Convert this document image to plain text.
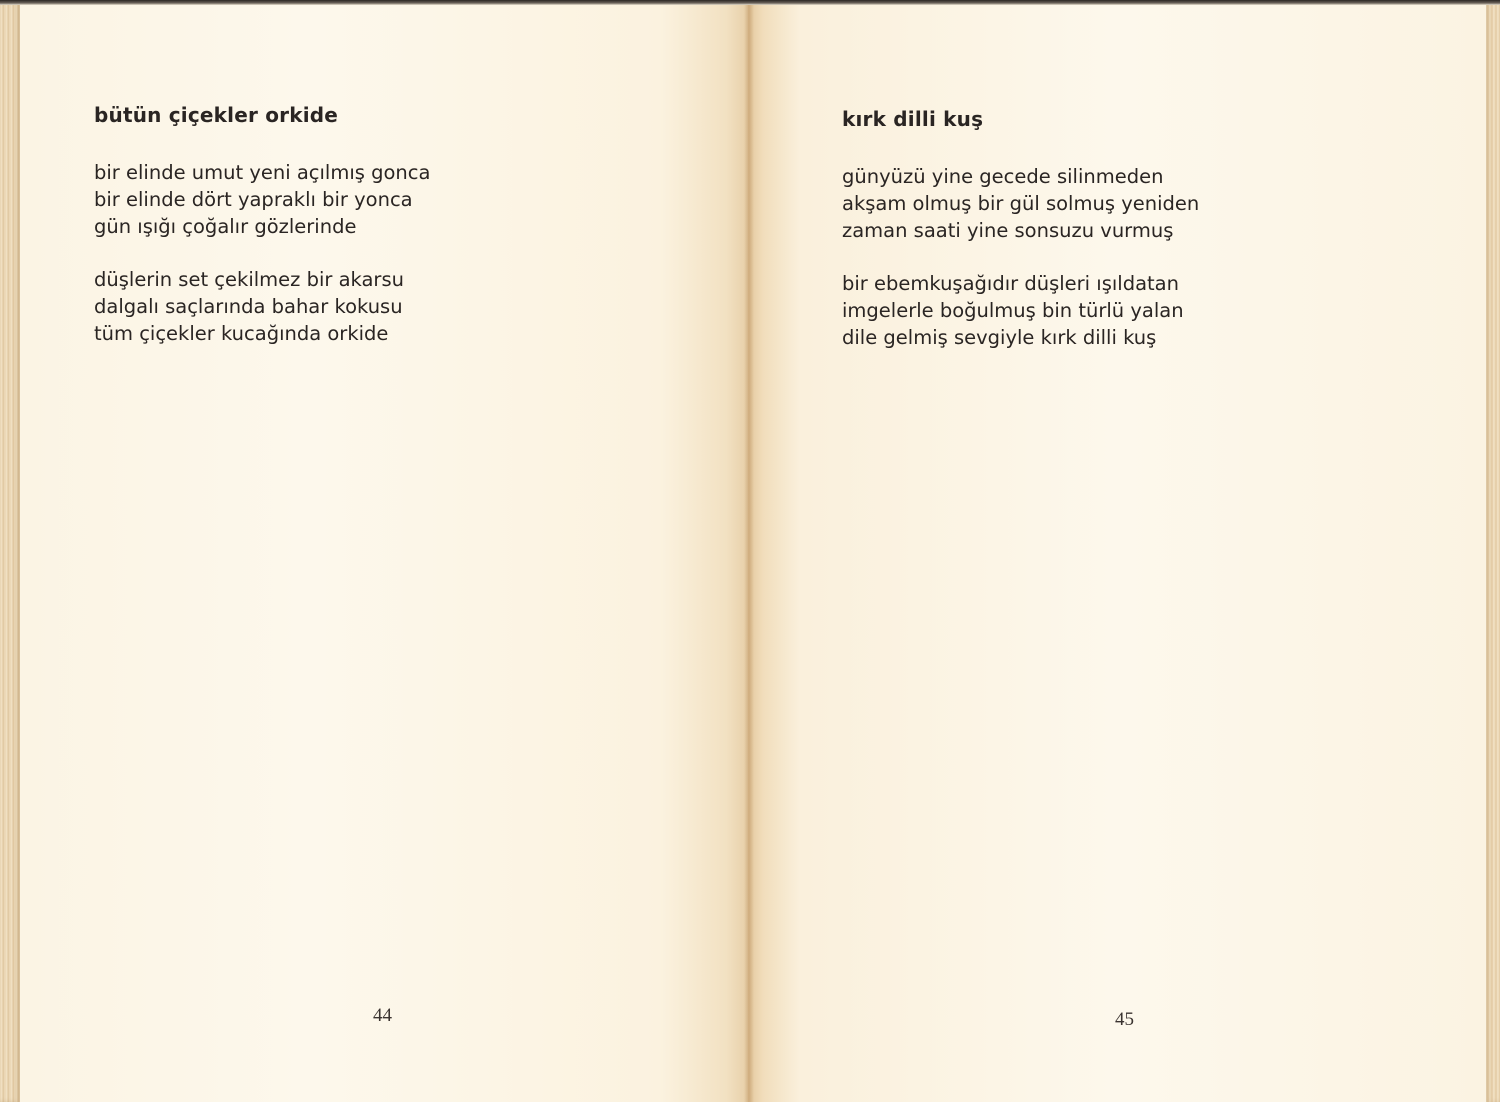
bütün çiçekler orkide
bir elinde umut yeni açılmış gonca
bir elinde dört yapraklı bir yonca
gün ışığı çoğalır gözlerinde
düşlerin set çekilmez bir akarsu
dalgalı saçlarında bahar kokusu
tüm çiçekler kucağında orkide
44
kırk dilli kuş
günyüzü yine gecede silinmeden
akşam olmuş bir gül solmuş yeniden
zaman saati yine sonsuzu vurmuş
bir ebemkuşağıdır düşleri ışıldatan
imgelerle boğulmuş bin türlü yalan
dile gelmiş sevgiyle kırk dilli kuş
45
